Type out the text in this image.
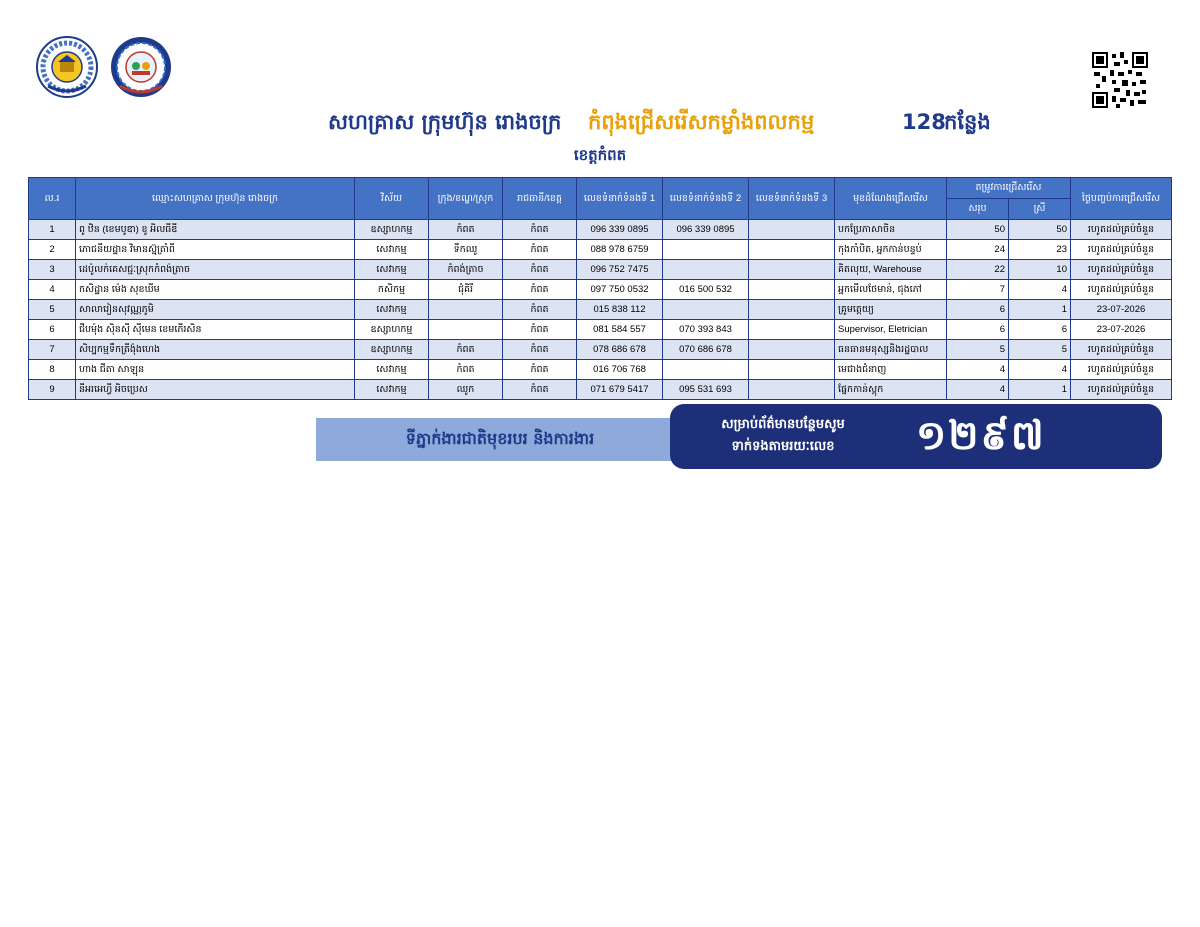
សហគ្រាស ក្រុមហ៊ុន រោងចក្រ កំពុងជ្រើសរើសកម្លាំងពលកម្ម	128
កន្លែង
ខេត្តកំពត
ល.រ	ឈ្មោះសហគ្រាស ក្រុមហ៊ុន រោងចក្រ	វិស័យ	ក្រុង/ខណ្ឌ/ស្រុក	រាជធានី/ខេត្ត	លេខទំនាក់ទំនងទី 1	លេខទំនាក់ទំនងទី 2	លេខទំនាក់ទំនងទី 3	មុខដំណែងជ្រើសរើស	តម្រូវការជ្រើសរើស		ថ្ងៃបញ្ចប់ការជ្រើសរើស
									សរុប	ស្រី	
1	ពូ ឋិន (ខេមបូឌា) ខូ អិលធីឌី	ឧស្សាហកម្ម	កំពត	កំពត	096 339 0895	096 339 0895		បកប្រែភាសាចិន	50	50	រហូតដល់គ្រប់ចំនួន
2	ភោជនីយដ្ឋាន វិមានស្ល៊ុត្រាំពី	សេវាកម្ម	ទឹកឈូ	កំពត	088 978 6759			កុងកាំបិត, អ្នកកាន់បន្ទប់	24	23	រហូតដល់គ្រប់ចំនួន
3	ដេប៉ូលក់គេសជ្ជៈស្រុកកំពង់ត្រាច	សេវាកម្ម	កំពង់ត្រាច	កំពត	096 752 7475			គិតលុយ, Warehouse	22	10	រហូតដល់គ្រប់ចំនួន
4	កសិដ្ឋាន ម៉េង សុខឃីម	កសិកម្ម	ជុំគិរី	កំពត	097 750 0532	016 500 532		អ្នកមើលថែមាន់, ជុងភៅ	7	4	រហូតដល់គ្រប់ចំនួន
5	សាលារៀនសុវណ្ណភូមិ	សេវាកម្ម		កំពត	015 838 112			គ្រូមត្តេយ្យ	6	1	23-07-2026
6	ជីបម៉ុង ស៊ិនស៊ី ស៊ីមេន ខេមភើរសិន	ឧស្សាហកម្ម		កំពត	081 584 557	070 393 843		Supervisor, Eletrician	6	6	23-07-2026
7	សិប្បកម្មទឹកត្រីង៉ុងហេង	ឧស្សាហកម្ម	កំពត	កំពត	078 686 678	070 686 678		ធនធានមនុស្សនិងរដ្ឋបាល	5	5	រហូតដល់គ្រប់ចំនួន
8	ហាង ជីតា សាឡុន	សេវាកម្ម	កំពត	កំពត	016 706 768			មេជាងជំនាញ	4	4	រហូតដល់គ្រប់ចំនួន
9	នីអរអេហ្វី អិចប្រេស	សេវាកម្ម	ឈូក	កំពត	071 679 5417	095 531 693		ផ្នែកកាន់ស្តុក	4	1	រហូតដល់គ្រប់ចំនួន
ទីភ្នាក់ងារជាតិមុខរបរ និងការងារ
សម្រាប់ព័ត៌មានបន្ថែមសូម
ទាក់ទងតាមរយៈលេខ	១២៩៧
